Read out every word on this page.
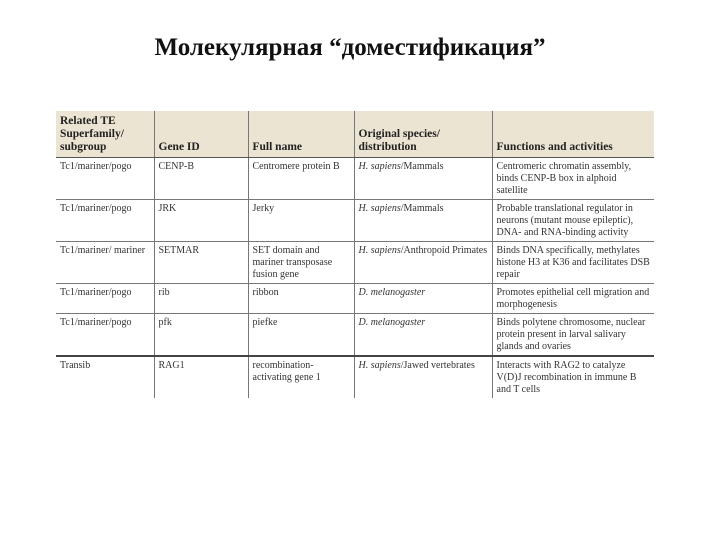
Молекулярная “доместификация”
Related TE Superfamily/ subgroup	Gene ID	Full name	Original species/ distribution	Functions and activities
Tc1/mariner/pogo	CENP-B	Centromere protein B	H. sapiens/Mammals	Centromeric chromatin assembly, binds CENP-B box in alphoid satellite
Tc1/mariner/pogo	JRK	Jerky	H. sapiens/Mammals	Probable translational regulator in neurons (mutant mouse epileptic), DNA- and RNA-binding activity
Tc1/mariner/ mariner	SETMAR	SET domain and mariner transposase fusion gene	H. sapiens/Anthropoid Primates	Binds DNA specifically, methylates histone H3 at K36 and facilitates DSB repair
Tc1/mariner/pogo	rib	ribbon	D. melanogaster	Promotes epithelial cell migration and morphogenesis
Tc1/mariner/pogo	pfk	piefke	D. melanogaster	Binds polytene chromosome, nuclear protein present in larval salivary glands and ovaries
Transib	RAG1	recombination-activating gene 1	H. sapiens/Jawed vertebrates	Interacts with RAG2 to catalyze V(D)J recombination in immune B and T cells
